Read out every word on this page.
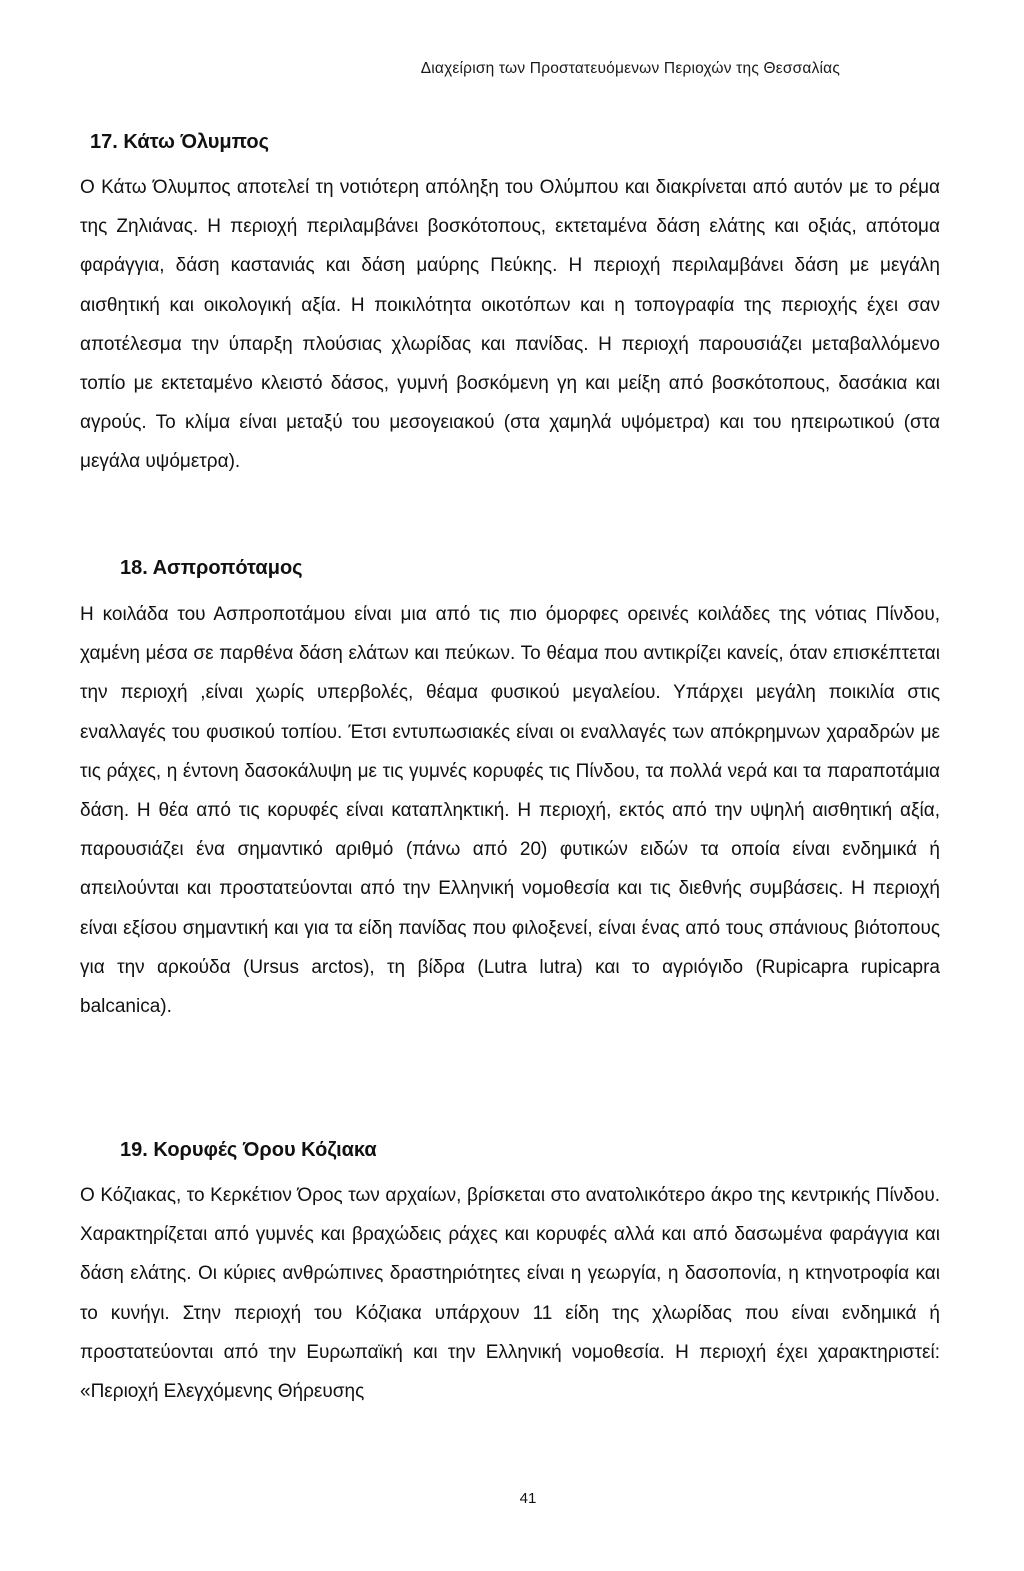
Διαχείριση των Προστατευόμενων Περιοχών της Θεσσαλίας
17. Κάτω Όλυμπος

Ο Κάτω Όλυμπος αποτελεί τη νοτιότερη απόληξη του Ολύμπου και διακρίνεται από αυτόν με το ρέμα της Ζηλιάνας. Η περιοχή περιλαμβάνει βοσκότοπους, εκτεταμένα δάση ελάτης και οξιάς, απότομα φαράγγια, δάση καστανιάς και δάση μαύρης Πεύκης. Η περιοχή περιλαμβάνει δάση με μεγάλη αισθητική και οικολογική αξία. Η ποικιλότητα οικοτόπων και η τοπογραφία της περιοχής έχει σαν αποτέλεσμα την ύπαρξη πλούσιας χλωρίδας και πανίδας. Η περιοχή παρουσιάζει μεταβαλλόμενο τοπίο με εκτεταμένο κλειστό δάσος, γυμνή βοσκόμενη γη και μείξη από βοσκότοπους, δασάκια και αγρούς. Το κλίμα είναι μεταξύ του μεσογειακού (στα χαμηλά υψόμετρα) και του ηπειρωτικού (στα μεγάλα υψόμετρα).

18. Ασπροπόταμος

Η κοιλάδα του Ασπροποτάμου είναι μια από τις πιο όμορφες ορεινές κοιλάδες της νότιας Πίνδου, χαμένη μέσα σε παρθένα δάση ελάτων και πεύκων. Το θέαμα που αντικρίζει κανείς, όταν επισκέπτεται την περιοχή ,είναι χωρίς υπερβολές, θέαμα φυσικού μεγαλείου. Υπάρχει μεγάλη ποικιλία στις εναλλαγές του φυσικού τοπίου. Έτσι εντυπωσιακές είναι οι εναλλαγές των απόκρημνων χαραδρών με τις ράχες, η έντονη δασοκάλυψη με τις γυμνές κορυφές τις Πίνδου, τα πολλά νερά και τα παραποτάμια δάση. Η θέα από τις κορυφές είναι καταπληκτική. Η περιοχή, εκτός από την υψηλή αισθητική αξία, παρουσιάζει ένα σημαντικό αριθμό (πάνω από 20) φυτικών ειδών τα οποία είναι ενδημικά ή απειλούνται και προστατεύονται από την Ελληνική νομοθεσία και τις διεθνής συμβάσεις. Η περιοχή είναι εξίσου σημαντική και για τα είδη πανίδας που φιλοξενεί, είναι ένας από τους σπάνιους βιότοπους για την αρκούδα (Ursus arctos), τη βίδρα (Lutra lutra) και το αγριόγιδο (Rupicapra rupicapra balcanica).

19. Κορυφές Όρου Κόζιακα

Ο Κόζιακας, το Κερκέτιον Όρος των αρχαίων, βρίσκεται στο ανατολικότερο άκρο της κεντρικής Πίνδου. Χαρακτηρίζεται από γυμνές και βραχώδεις ράχες και κορυφές αλλά και από δασωμένα φαράγγια και δάση ελάτης. Οι κύριες ανθρώπινες δραστηριότητες είναι η γεωργία, η δασοπονία, η κτηνοτροφία και το κυνήγι. Στην περιοχή του Κόζιακα υπάρχουν 11 είδη της χλωρίδας που είναι ενδημικά ή προστατεύονται από την Ευρωπαϊκή και την Ελληνική νομοθεσία. Η περιοχή έχει χαρακτηριστεί: «Περιοχή Ελεγχόμενης Θήρευσης

41
